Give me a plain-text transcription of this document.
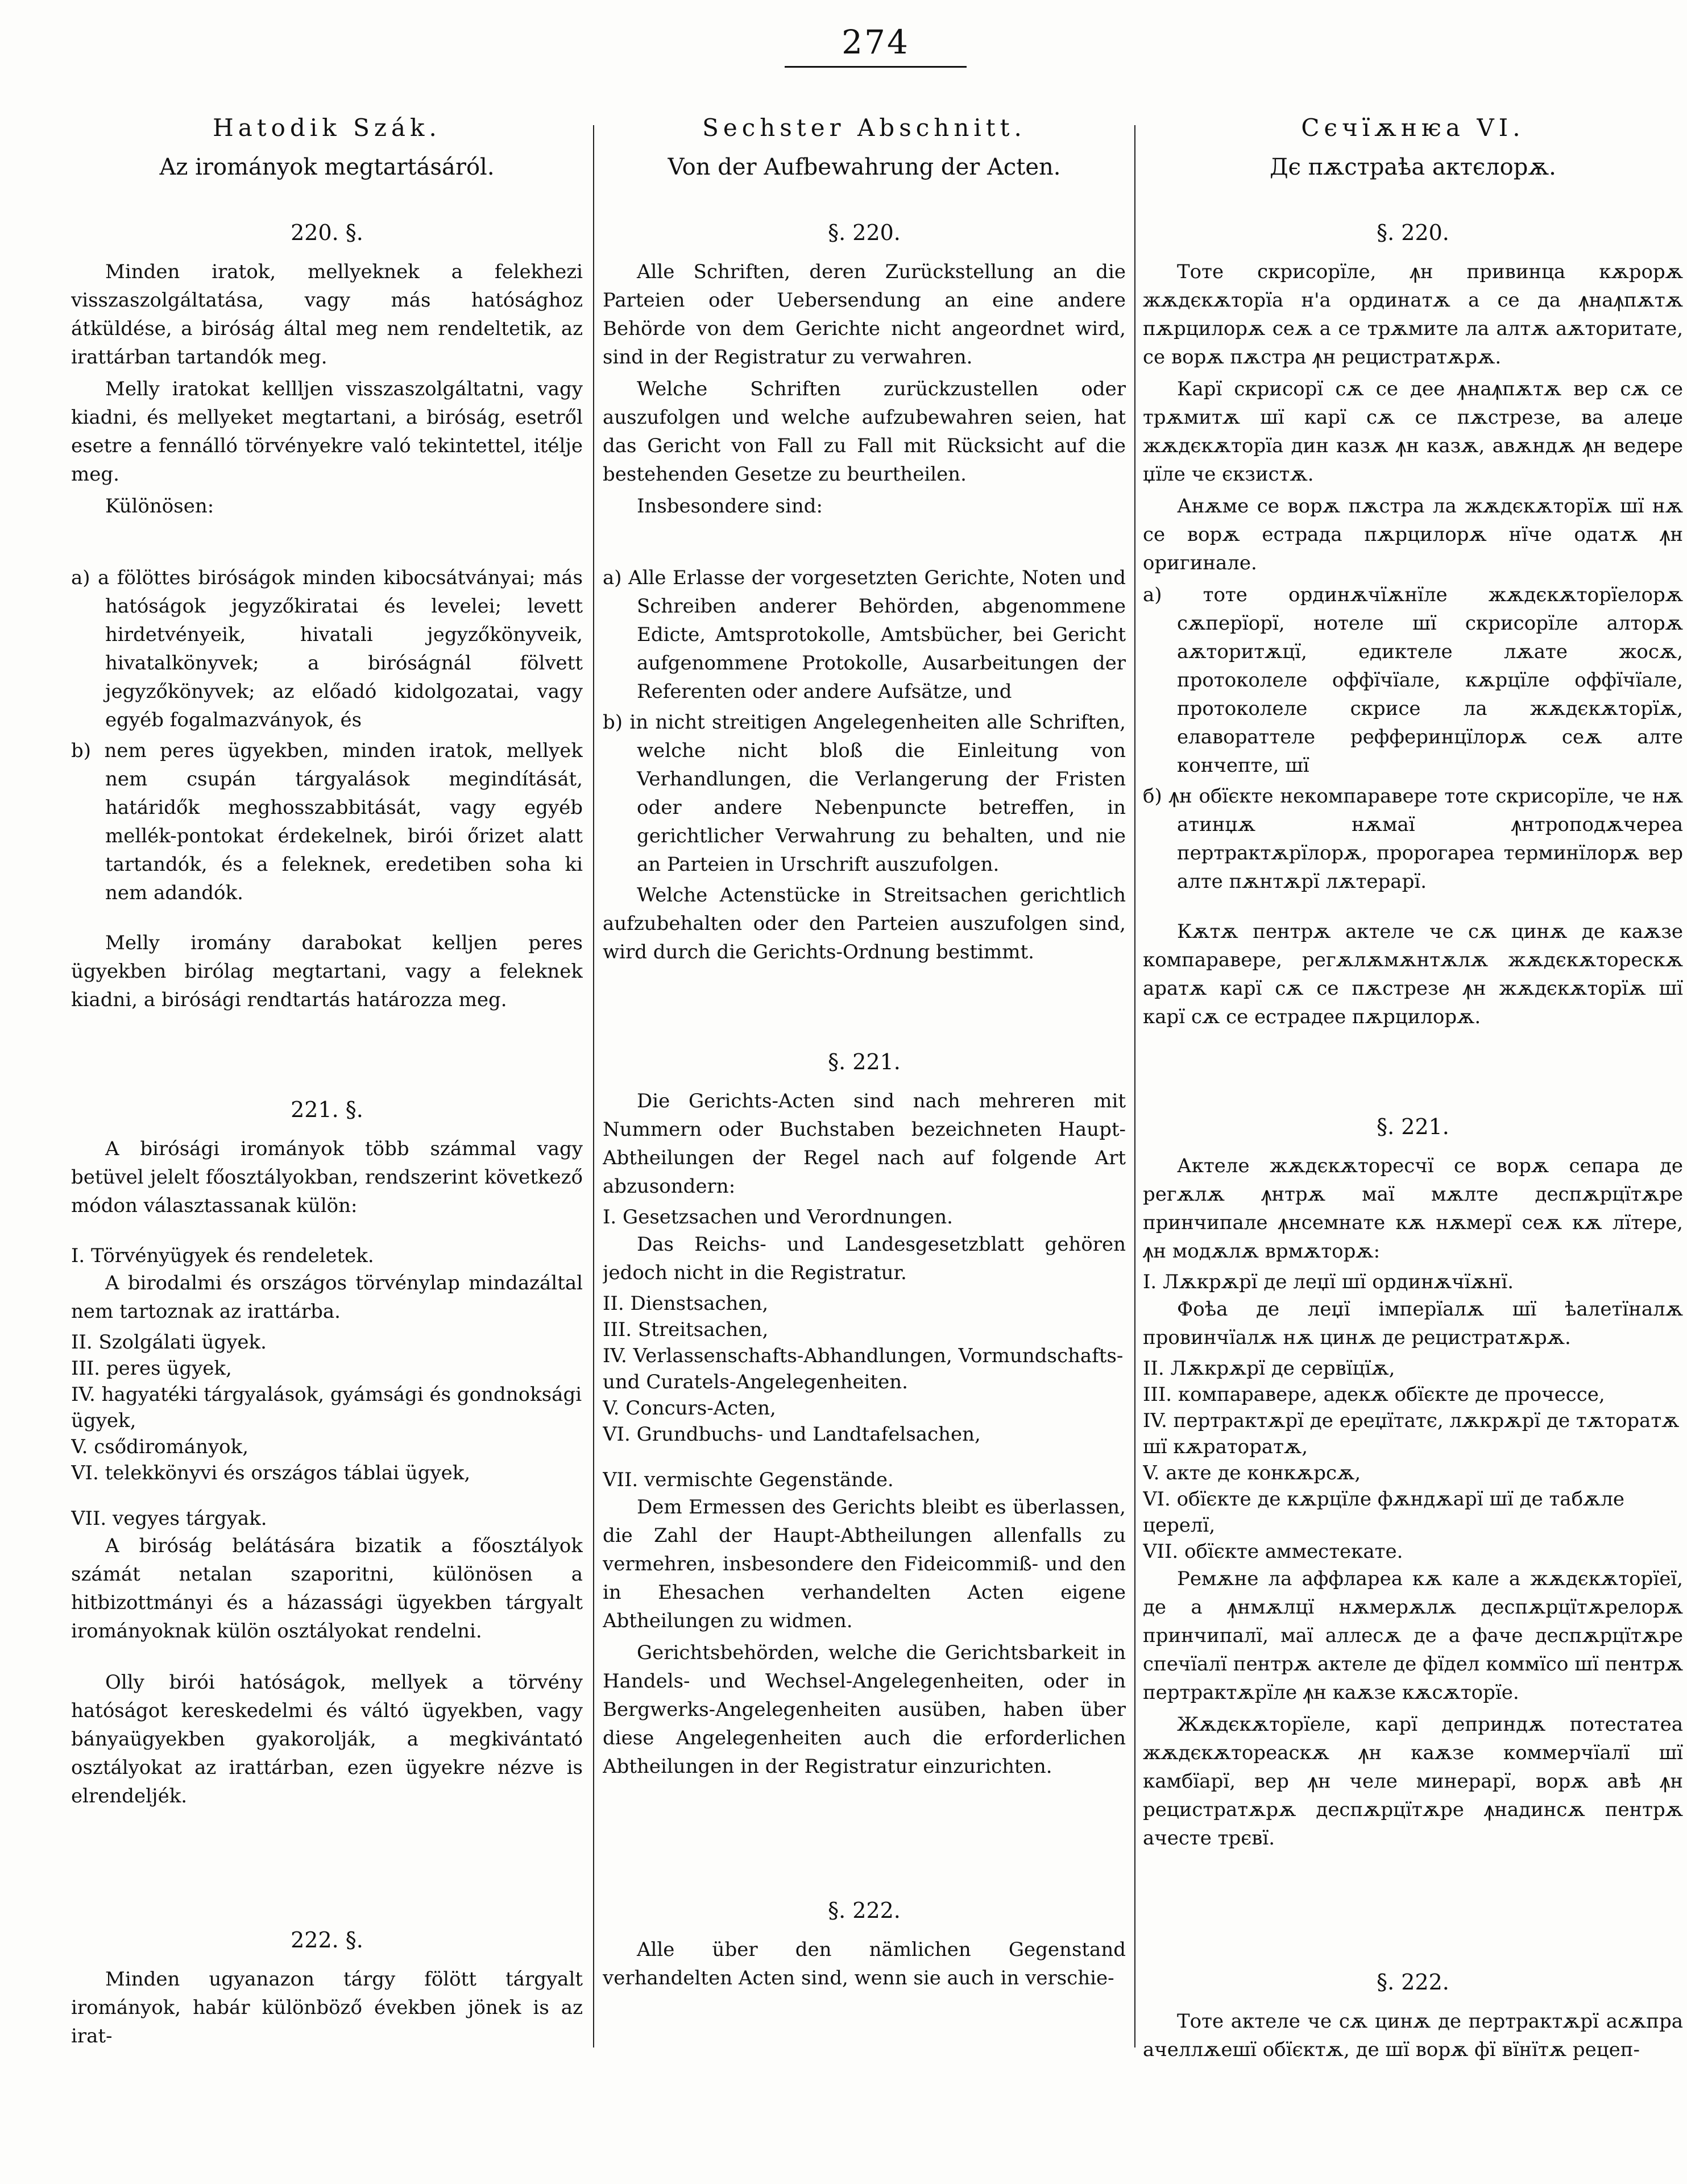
274
Hatodik Szák.
Az irományok megtartásáról.
220. §.

Minden iratok, mellyeknek a felekhezi visszaszolgáltatása, vagy más hatósághoz átküldése, a biróság által meg nem rendeltetik, az irattárban tartandók meg.

Melly iratokat kellljen visszaszolgáltatni, vagy kiadni, és mellyeket megtartani, a biróság, esetről esetre a fennálló törvényekre való tekintettel, itélje meg.

Különösen:

a) a fölöttes biróságok minden kibocsátványai; más hatóságok jegyzőkiratai és levelei; levett hirdetvényeik, hivatali jegyzőkönyveik, hivatalkönyvek; a biróságnál fölvett jegyzőkönyvek; az előadó kidolgozatai, vagy egyéb fogalmazványok, és

b) nem peres ügyekben, minden iratok, mellyek nem csupán tárgyalások megindítását, határidők meghosszabbitását, vagy egyéb mellék-pontokat érdekelnek, birói őrizet alatt tartandók, és a feleknek, eredetiben soha ki nem adandók.

Melly iromány darabokat kelljen peres ügyekben birólag megtartani, vagy a feleknek kiadni, a birósági rendtartás határozza meg.

221. §.

A birósági irományok több számmal vagy betüvel jelelt főosztályokban, rendszerint következő módon választassanak külön:

I. Törvényügyek és rendeletek.

A birodalmi és országos törvénylap mindazáltal nem tartoznak az irattárba.

II. Szolgálati ügyek.

III. peres ügyek,

IV. hagyatéki tárgyalások, gyámsági és gondnoksági ügyek,

V. csődirományok,

VI. telekkönyvi és országos táblai ügyek,

VII. vegyes tárgyak.

A biróság belátására bizatik a főosztályok számát netalan szaporitni, különösen a hitbizottmányi és a házassági ügyekben tárgyalt irományoknak külön osztályokat rendelni.

Olly birói hatóságok, mellyek a törvény hatóságot kereskedelmi és váltó ügyekben, vagy bányaügyekben gyakorolják, a megkivántató osztályokat az irattárban, ezen ügyekre nézve is elrendeljék.

222. §.

Minden ugyanazon tárgy fölött tárgyalt irományok, habár különböző években jönek is az irat-

Sechster Abschnitt.
Von der Aufbewahrung der Acten.
§. 220.

Alle Schriften, deren Zurückstellung an die Parteien oder Uebersendung an eine andere Behörde von dem Gerichte nicht angeordnet wird, sind in der Registratur zu verwahren.

Welche Schriften zurückzustellen oder auszufolgen und welche aufzubewahren seien, hat das Gericht von Fall zu Fall mit Rücksicht auf die bestehenden Gesetze zu beurtheilen.

Insbesondere sind:

a) Alle Erlasse der vorgesetzten Gerichte, Noten und Schreiben anderer Behörden, abgenommene Edicte, Amtsprotokolle, Amtsbücher, bei Gericht aufgenommene Protokolle, Ausarbeitungen der Referenten oder andere Aufsätze, und

b) in nicht streitigen Angelegenheiten alle Schriften, welche nicht bloß die Einleitung von Verhandlungen, die Verlangerung der Fristen oder andere Nebenpuncte betreffen, in gerichtlicher Verwahrung zu behalten, und nie an Parteien in Urschrift auszufolgen.

Welche Actenstücke in Streitsachen gerichtlich aufzubehalten oder den Parteien auszufolgen sind, wird durch die Gerichts-Ordnung bestimmt.

§. 221.

Die Gerichts-Acten sind nach mehreren mit Nummern oder Buchstaben bezeichneten Haupt-Abtheilungen der Regel nach auf folgende Art abzusondern:

I. Gesetzsachen und Verordnungen.

Das Reichs- und Landesgesetzblatt gehören jedoch nicht in die Registratur.

II. Dienstsachen,

III. Streitsachen,

IV. Verlassenschafts-Abhandlungen, Vormundschafts- und Curatels-Angelegenheiten.

V. Concurs-Acten,

VI. Grundbuchs- und Landtafelsachen,

VII. vermischte Gegenstände.

Dem Ermessen des Gerichts bleibt es überlassen, die Zahl der Haupt-Abtheilungen allenfalls zu vermehren, insbesondere den Fideicommiß- und den in Ehesachen verhandelten Acten eigene Abtheilungen zu widmen.

Gerichtsbehörden, welche die Gerichtsbarkeit in Handels- und Wechsel-Angelegenheiten, oder in Bergwerks-Angelegenheiten ausüben, haben über diese Angelegenheiten auch die erforderlichen Abtheilungen in der Registratur einzurichten.

§. 222.

Alle über den nämlichen Gegenstand verhandelten Acten sind, wenn sie auch in verschie-

Сєчїѫнѥа VI.
Дє пѫстраѣа актєлорѫ.
§. 220.

Тоте скрисорїле, ꙟн привинца кѫрорѫ жѫдєкѫторїа н'а ординатѫ а се да ꙟнаꙟпѫтѫ пѫрцилорѫ сеѫ а се трѫмите ла алтѫ аѫторитате, се ворѫ пѫстра ꙟн рецистратѫрѫ.

Карї скрисорї сѫ се дее ꙟнаꙟпѫтѫ вер сѫ се трѫмитѫ шї карї сѫ се пѫстрезе, ва алеџе жѫдєкѫторїа дин казѫ ꙟн казѫ, авѫндѫ ꙟн ведере џїле че єкзистѫ.

Анѫме се ворѫ пѫстра ла жѫдєкѫторїѫ шї нѫ се ворѫ естрада пѫрцилорѫ нїче одатѫ ꙟн оригинале.

а) тоте ординѫчїѫнїле жѫдєкѫторїелорѫ сѫперїорї, нотеле шї скрисорїле алторѫ аѫторитѫцї, едиктеле лѫате жосѫ, протоколеле оффїчїале, кѫрцїле оффїчїале, протоколеле скрисе ла жѫдєкѫторїѫ, елавораттеле рефферинцїлорѫ сеѫ алте кончепте, шї

б) ꙟн обїєкте некомпаравере тоте скрисорїле, че нѫ атинџѫ нѫмаї ꙟнтроподѫчереа пертрактѫрїлорѫ, пророгареа терминїлорѫ вер алте пѫнтѫрї лѫтерарї.

Кѫтѫ пентрѫ актеле че сѫ цинѫ де каѫзе компаравере, регѫлѫмѫнтѫлѫ жѫдєкѫторескѫ аратѫ карї сѫ се пѫстрезе ꙟн жѫдєкѫторїѫ шї карї сѫ се естрадее пѫрцилорѫ.

§. 221.

Актеле жѫдєкѫторесчї се ворѫ сепара де регѫлѫ ꙟнтрѫ маї мѫлте деспѫрцїтѫре принчипале ꙟнсемнате кѫ нѫмерї сеѫ кѫ лїтере, ꙟн модѫлѫ врмѫторѫ:

I. Лѫкрѫрї де леџї шї ординѫчїѫнї.

Фоѣа де леџї імперїалѫ шї ѣалетїналѫ провинчїалѫ нѫ цинѫ де рецистратѫрѫ.

II. Лѫкрѫрї де сервїцїѫ,

III. компаравере, адекѫ обїєкте де прочессе,

IV. пертрактѫрї де ереџїтатє, лѫкрѫрї де тѫторатѫ шї кѫраторатѫ,

V. акте де конкѫрсѫ,

VI. обїєкте де кѫрцїле фѫндѫарї шї де табѫле церелї,

VII. обїєкте амместекате.

Ремѫне ла аффлареа кѫ кале а жѫдєкѫторїеї, де а ꙟнмѫлцї нѫмерѫлѫ деспѫрцїтѫрелорѫ принчипалї, маї аллесѫ де а фаче деспѫрцїтѫре спечїалї пентрѫ актеле де фїдел коммїсо шї пентрѫ пертрактѫрїле ꙟн каѫзе кѫсѫторїе.

Жѫдєкѫторїеле, карї деприндѫ потестатеа жѫдєкѫтореаскѫ ꙟн каѫзе коммерчїалї шї камбїарї, вер ꙟн челе минерарї, ворѫ авѣ ꙟн рецистратѫрѫ деспѫрцїтѫре ꙟнадинсѫ пентрѫ ачесте трєвї.

§. 222.

Тоте актеле че сѫ цинѫ де пертрактѫрї асѫпра ачеллѫешї обїєктѫ, де шї ворѫ фї вїнїтѫ рецеп-
